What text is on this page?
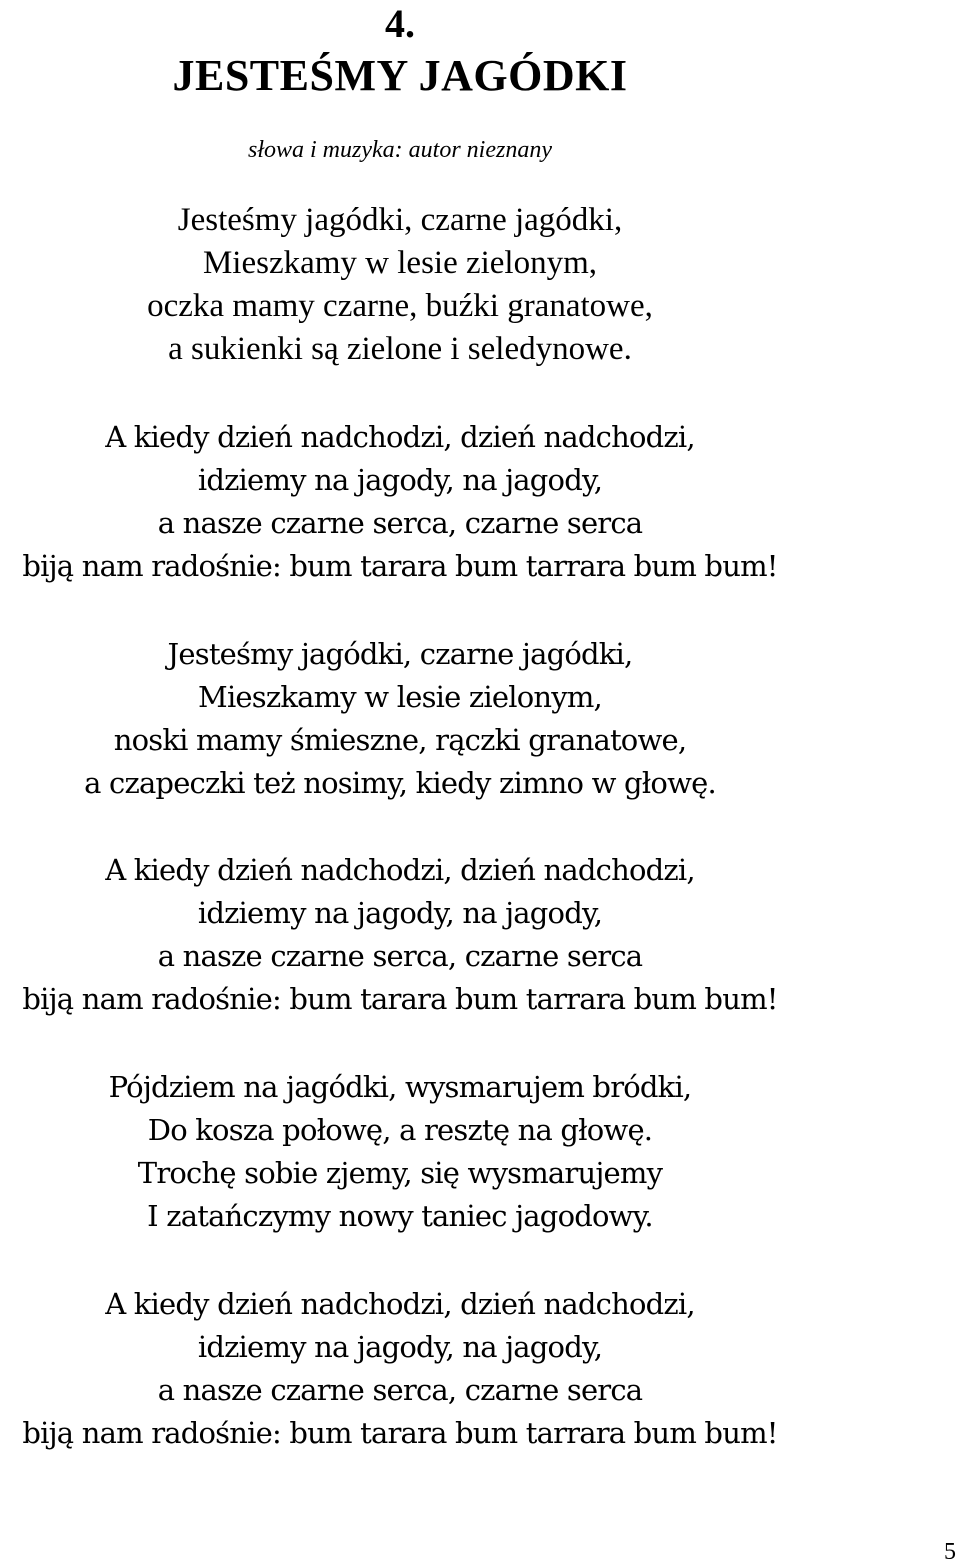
4.
JESTEŚMY JAGÓDKI
słowa i muzyka: autor nieznany
Jesteśmy jagódki, czarne jagódki,
Mieszkamy w lesie zielonym,
oczka mamy czarne, buźki granatowe,
a sukienki są zielone i seledynowe.
A kiedy dzień nadchodzi, dzień nadchodzi,
idziemy na jagody, na jagody,
a nasze czarne serca, czarne serca
biją nam radośnie: bum tarara bum tarrara bum bum!
Jesteśmy jagódki, czarne jagódki,
Mieszkamy w lesie zielonym,
noski mamy śmieszne, rączki granatowe,
a czapeczki też nosimy, kiedy zimno w głowę.
A kiedy dzień nadchodzi, dzień nadchodzi,
idziemy na jagody, na jagody,
a nasze czarne serca, czarne serca
biją nam radośnie: bum tarara bum tarrara bum bum!
Pójdziem na jagódki, wysmarujem bródki,
Do kosza połowę, a resztę na głowę.
Trochę sobie zjemy, się wysmarujemy
I zatańczymy nowy taniec jagodowy.
A kiedy dzień nadchodzi, dzień nadchodzi,
idziemy na jagody, na jagody,
a nasze czarne serca, czarne serca
biją nam radośnie: bum tarara bum tarrara bum bum!
5
